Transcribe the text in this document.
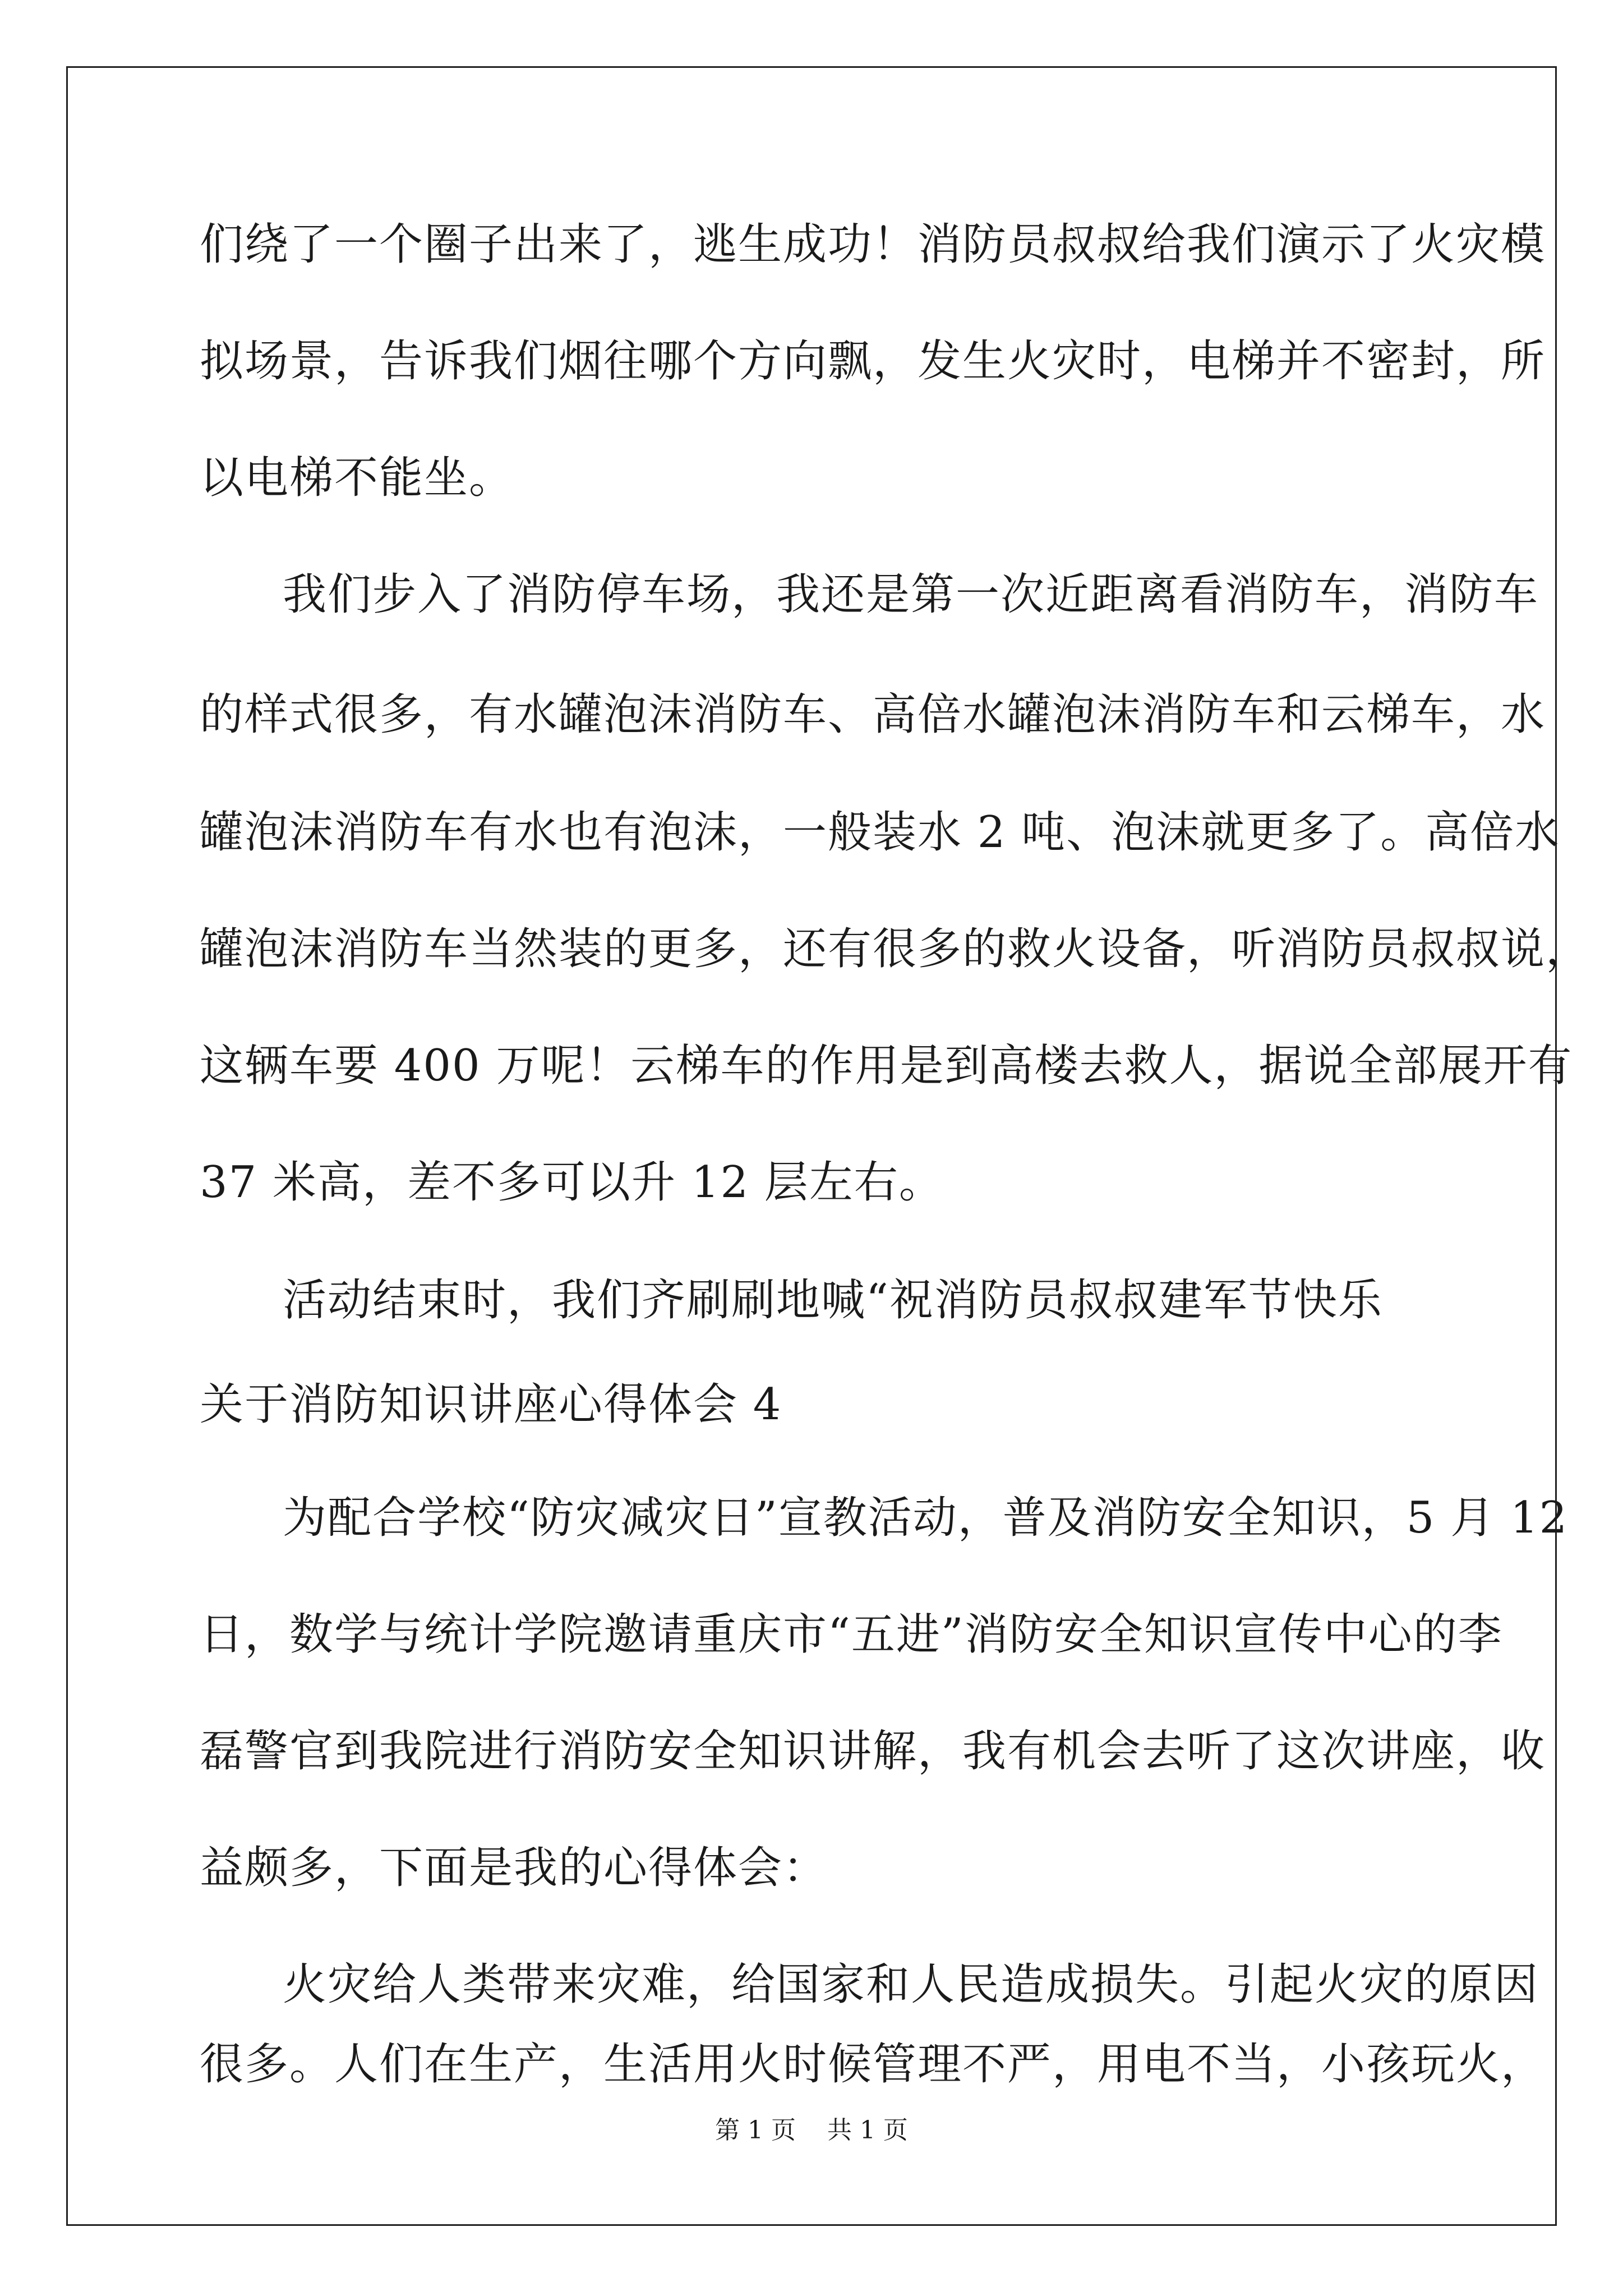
们绕了一个圈子出来了，逃生成功！消防员叔叔给我们演示了火灾模

拟场景，告诉我们烟往哪个方向飘，发生火灾时，电梯并不密封，所

以电梯不能坐。

我们步入了消防停车场，我还是第一次近距离看消防车，消防车

的样式很多，有水罐泡沫消防车、高倍水罐泡沫消防车和云梯车，水

罐泡沫消防车有水也有泡沫，一般装水 2 吨、泡沫就更多了。高倍水

罐泡沫消防车当然装的更多，还有很多的救火设备，听消防员叔叔说，

这辆车要 400 万呢！云梯车的作用是到高楼去救人，据说全部展开有

37 米高，差不多可以升 12 层左右。

活动结束时，我们齐刷刷地喊“祝消防员叔叔建军节快乐

关于消防知识讲座心得体会 4

为配合学校“防灾减灾日”宣教活动，普及消防安全知识，5 月 12

日，数学与统计学院邀请重庆市“五进”消防安全知识宣传中心的李

磊警官到我院进行消防安全知识讲解，我有机会去听了这次讲座，收

益颇多，下面是我的心得体会：

火灾给人类带来灾难，给国家和人民造成损失。引起火灾的原因

很多。人们在生产，生活用火时候管理不严，用电不当，小孩玩火，

第 1 页    共 1 页
